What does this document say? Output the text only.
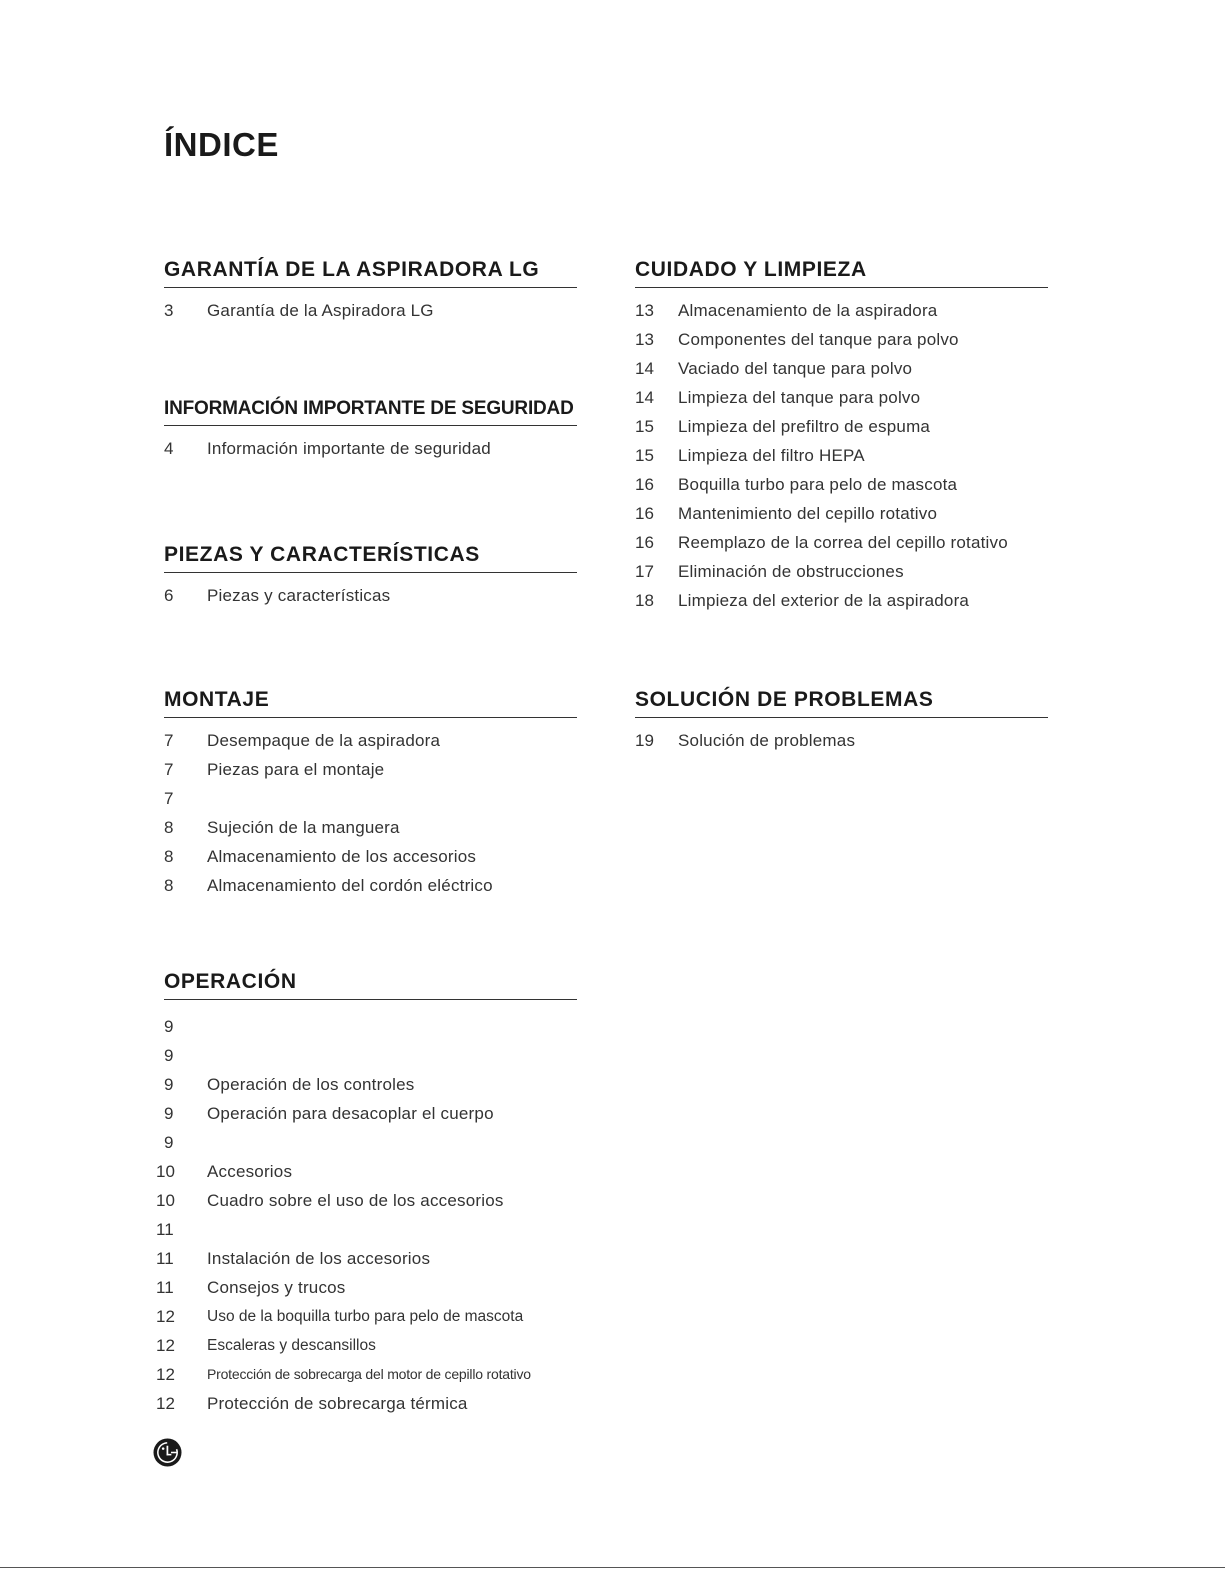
ÍNDICE
GARANTÍA DE LA ASPIRADORA LG
3	Garantía de la Aspiradora LG
INFORMACIÓN IMPORTANTE DE SEGURIDAD
4	Información importante de seguridad
PIEZAS Y CARACTERÍSTICAS
6	Piezas y características
MONTAJE
7	Desempaque de la aspiradora
7	Piezas para el montaje
7
8	Sujeción de la manguera
8	Almacenamiento de los accesorios
8	Almacenamiento del cordón eléctrico
OPERACIÓN
9
9
9	Operación de los controles
9	Operación para desacoplar el cuerpo
9
10	Accesorios
10	Cuadro sobre el uso de los accesorios
11
11	Instalación de los accesorios
11	Consejos y trucos
12	Uso de la boquilla turbo para pelo de mascota
12	Escaleras y descansillos
12	Protección de sobrecarga del motor de cepillo rotativo
12	Protección de sobrecarga térmica
CUIDADO Y LIMPIEZA
13	Almacenamiento de la aspiradora
13	Componentes del tanque para polvo
14	Vaciado del tanque para polvo
14	Limpieza del tanque para polvo
15	Limpieza del prefiltro de espuma
15	Limpieza del filtro HEPA
16	Boquilla turbo para pelo de mascota
16	Mantenimiento del cepillo rotativo
16	Reemplazo de la correa del cepillo rotativo
17	Eliminación de obstrucciones
18	Limpieza del exterior de la aspiradora
SOLUCIÓN DE PROBLEMAS
19	Solución de problemas
